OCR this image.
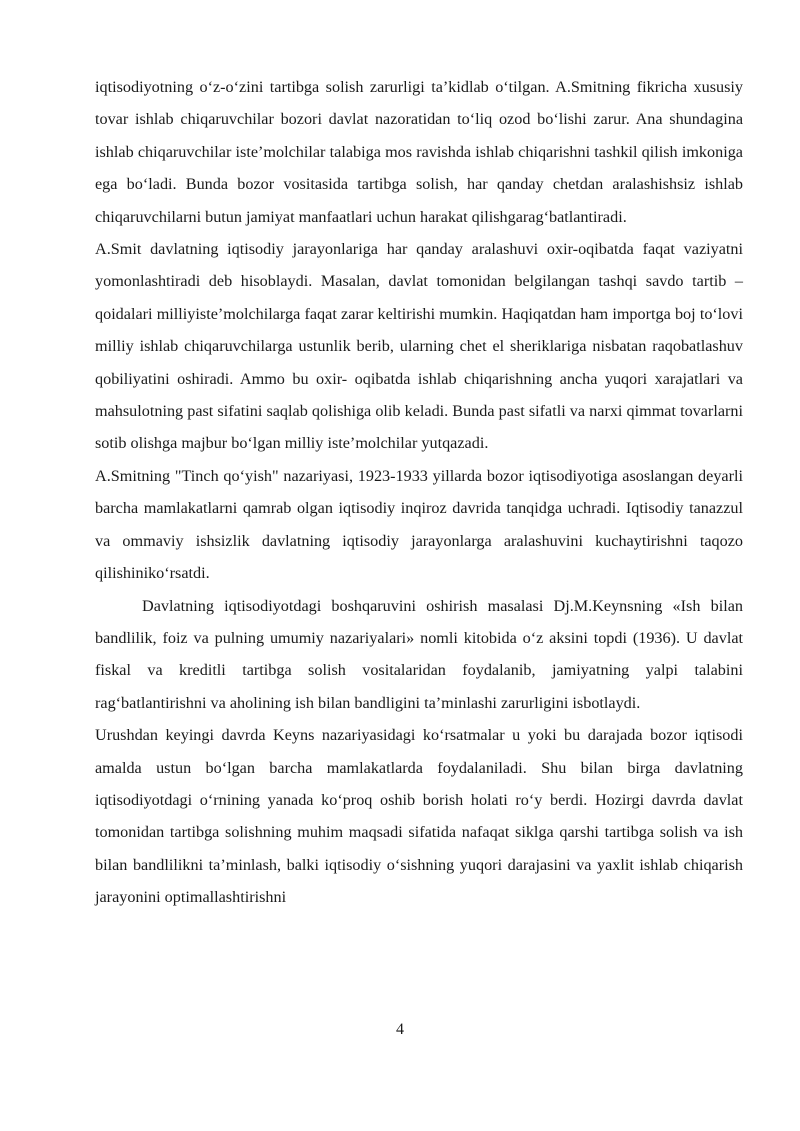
iqtisodiyotning o‘z-o‘zini tartibga solish zarurligi ta’kidlab o‘tilgan. A.Smitning fikricha xususiy tovar ishlab chiqaruvchilar bozori davlat nazoratidan to‘liq ozod bo‘lishi zarur. Ana shundagina ishlab chiqaruvchilar iste’molchilar talabiga mos ravishda ishlab chiqarishni tashkil qilish imkoniga ega bo‘ladi. Bunda bozor vositasida tartibga solish, har qanday chetdan aralashishsiz ishlab chiqaruvchilarni butun jamiyat manfaatlari uchun harakat qilishgarag‘batlantiradi.

A.Smit davlatning iqtisodiy jarayonlariga har qanday aralashuvi oxir-oqibatda faqat vaziyatni yomonlashtiradi deb hisoblaydi. Masalan, davlat tomonidan belgilangan tashqi savdo tartib – qoidalari milliyiste’molchilarga faqat zarar keltirishi mumkin. Haqiqatdan ham importga boj to‘lovi milliy ishlab chiqaruvchilarga ustunlik berib, ularning chet el sheriklariga nisbatan raqobatlashuv qobiliyatini oshiradi. Ammo bu oxir- oqibatda ishlab chiqarishning ancha yuqori xarajatlari va mahsulotning past sifatini saqlab qolishiga olib keladi. Bunda past sifatli va narxi qimmat tovarlarni sotib olishga majbur bo‘lgan milliy iste’molchilar yutqazadi.

A.Smitning "Tinch qo‘yish" nazariyasi, 1923-1933 yillarda bozor iqtisodiyotiga asoslangan deyarli barcha mamlakatlarni qamrab olgan iqtisodiy inqiroz davrida tanqidga uchradi. Iqtisodiy tanazzul va ommaviy ishsizlik davlatning iqtisodiy jarayonlarga aralashuvini kuchaytirishni taqozo qilishiniko‘rsatdi.

Davlatning iqtisodiyotdagi boshqaruvini oshirish masalasi Dj.M.Keynsning «Ish bilan bandlilik, foiz va pulning umumiy nazariyalari» nomli kitobida o‘z aksini topdi (1936). U davlat fiskal va kreditli tartibga solish vositalaridan foydalanib, jamiyatning yalpi talabini rag‘batlantirishni va aholining ish bilan bandligini ta’minlashi zarurligini isbotlaydi.

Urushdan keyingi davrda Keyns nazariyasidagi ko‘rsatmalar u yoki bu darajada bozor iqtisodi amalda ustun bo‘lgan barcha mamlakatlarda foydalaniladi. Shu bilan birga davlatning iqtisodiyotdagi o‘rnining yanada ko‘proq oshib borish holati ro‘y berdi. Hozirgi davrda davlat tomonidan tartibga solishning muhim maqsadi sifatida nafaqat siklga qarshi tartibga solish va ish bilan bandlilikni ta’minlash, balki iqtisodiy o‘sishning yuqori darajasini va yaxlit ishlab chiqarish jarayonini optimallashtirishni

4
